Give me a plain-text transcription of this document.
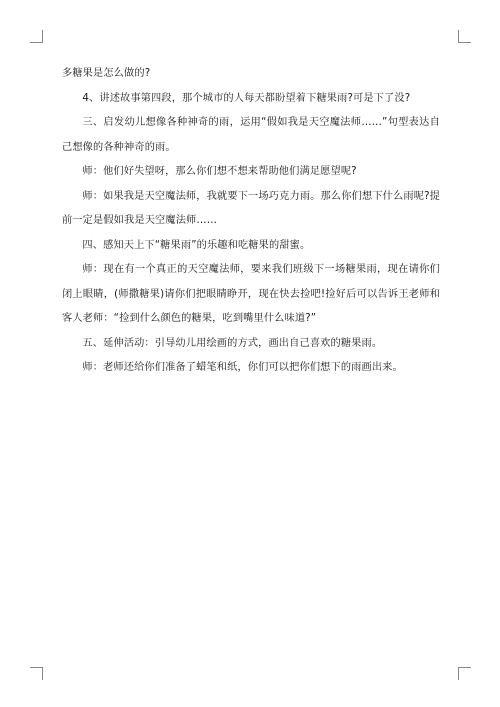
多糖果是怎么做的?

4、讲述故事第四段，那个城市的人每天都盼望着下糖果雨?可是下了没?

三、启发幼儿想像各种神奇的雨，运用“假如我是天空魔法师……”句型表达自己想像的各种神奇的雨。

师：他们好失望呀，那么你们想不想来帮助他们满足愿望呢?

师：如果我是天空魔法师，我就要下一场巧克力雨。那么你们想下什么雨呢?提前一定是假如我是天空魔法师……

四、感知天上下“糖果雨”的乐趣和吃糖果的甜蜜。

师：现在有一个真正的天空魔法师，要来我们班级下一场糖果雨，现在请你们闭上眼睛，(师撒糖果)请你们把眼睛睁开，现在快去捡吧!捡好后可以告诉王老师和客人老师：“捡到什么颜色的糖果，吃到嘴里什么味道?”

五、延伸活动：引导幼儿用绘画的方式，画出自己喜欢的糖果雨。

师：老师还给你们准备了蜡笔和纸，你们可以把你们想下的雨画出来。
